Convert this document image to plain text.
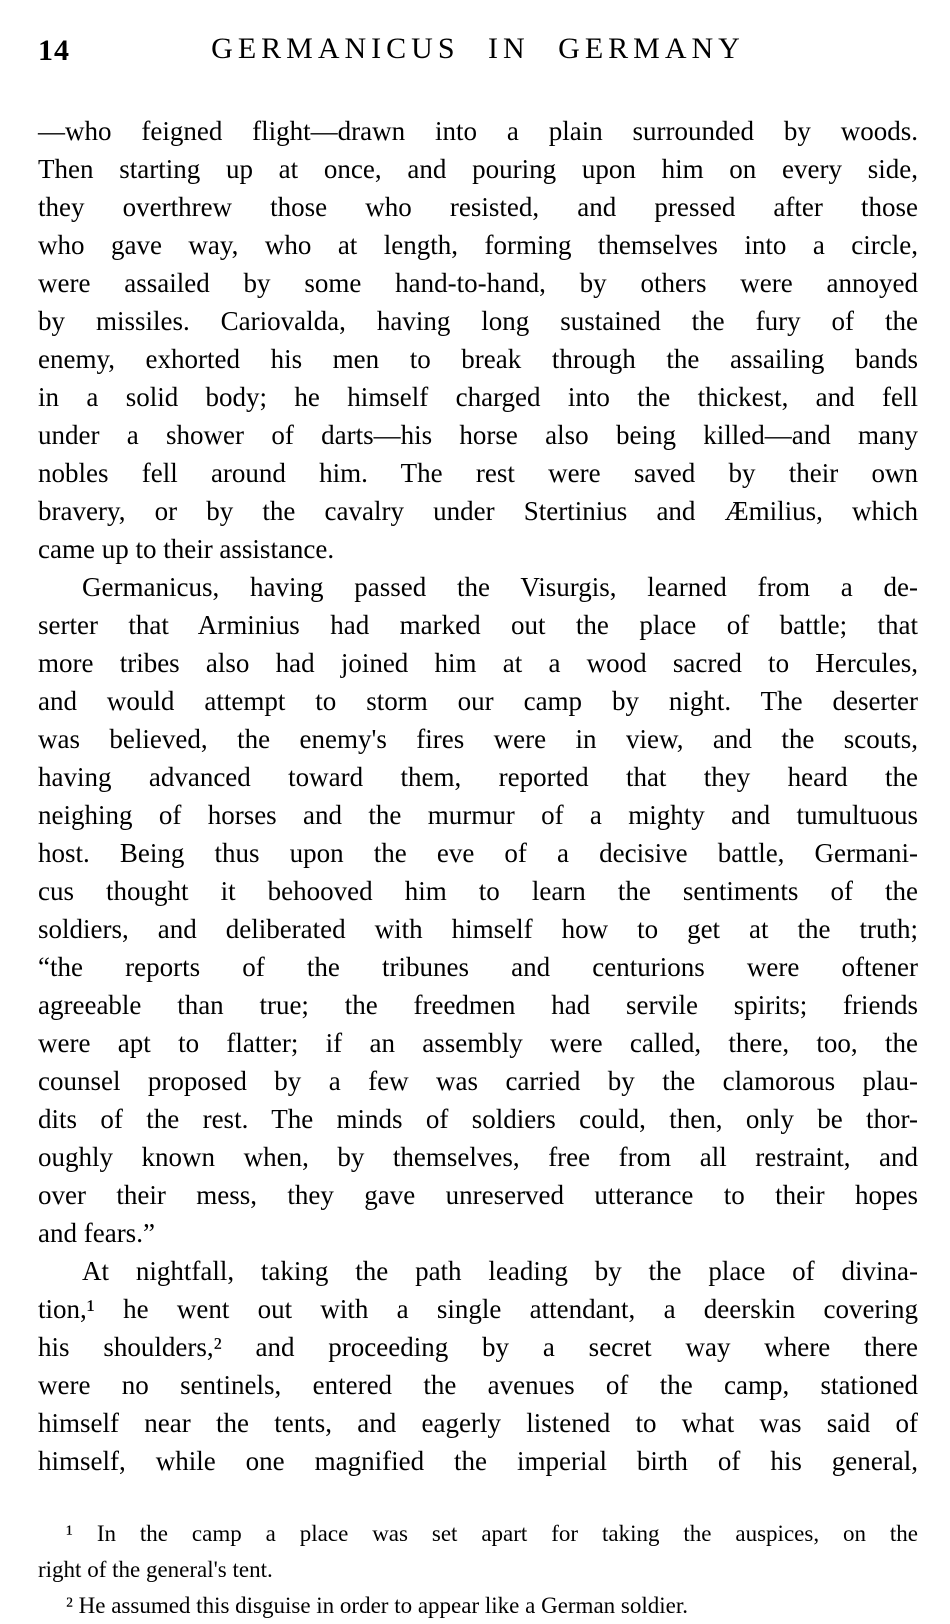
14	GERMANICUS IN GERMANY
—who feigned flight—drawn into a plain surrounded by woods.
Then starting up at once, and pouring upon him on every side,
they overthrew those who resisted, and pressed after those
who gave way, who at length, forming themselves into a circle,
were assailed by some hand-to-hand, by others were annoyed
by missiles. Cariovalda, having long sustained the fury of the
enemy, exhorted his men to break through the assailing bands
in a solid body; he himself charged into the thickest, and fell
under a shower of darts—his horse also being killed—and many
nobles fell around him. The rest were saved by their own
bravery, or by the cavalry under Stertinius and Æmilius, which
came up to their assistance.
Germanicus, having passed the Visurgis, learned from a de-
serter that Arminius had marked out the place of battle; that
more tribes also had joined him at a wood sacred to Hercules,
and would attempt to storm our camp by night. The deserter
was believed, the enemy's fires were in view, and the scouts,
having advanced toward them, reported that they heard the
neighing of horses and the murmur of a mighty and tumultuous
host. Being thus upon the eve of a decisive battle, Germani-
cus thought it behooved him to learn the sentiments of the
soldiers, and deliberated with himself how to get at the truth;
“the reports of the tribunes and centurions were oftener
agreeable than true; the freedmen had servile spirits; friends
were apt to flatter; if an assembly were called, there, too, the
counsel proposed by a few was carried by the clamorous plau-
dits of the rest. The minds of soldiers could, then, only be thor-
oughly known when, by themselves, free from all restraint, and
over their mess, they gave unreserved utterance to their hopes
and fears.”
At nightfall, taking the path leading by the place of divina-
tion,¹ he went out with a single attendant, a deerskin covering
his shoulders,² and proceeding by a secret way where there
were no sentinels, entered the avenues of the camp, stationed
himself near the tents, and eagerly listened to what was said of
himself, while one magnified the imperial birth of his general,
¹ In the camp a place was set apart for taking the auspices, on the
right of the general's tent.
² He assumed this disguise in order to appear like a German soldier.
